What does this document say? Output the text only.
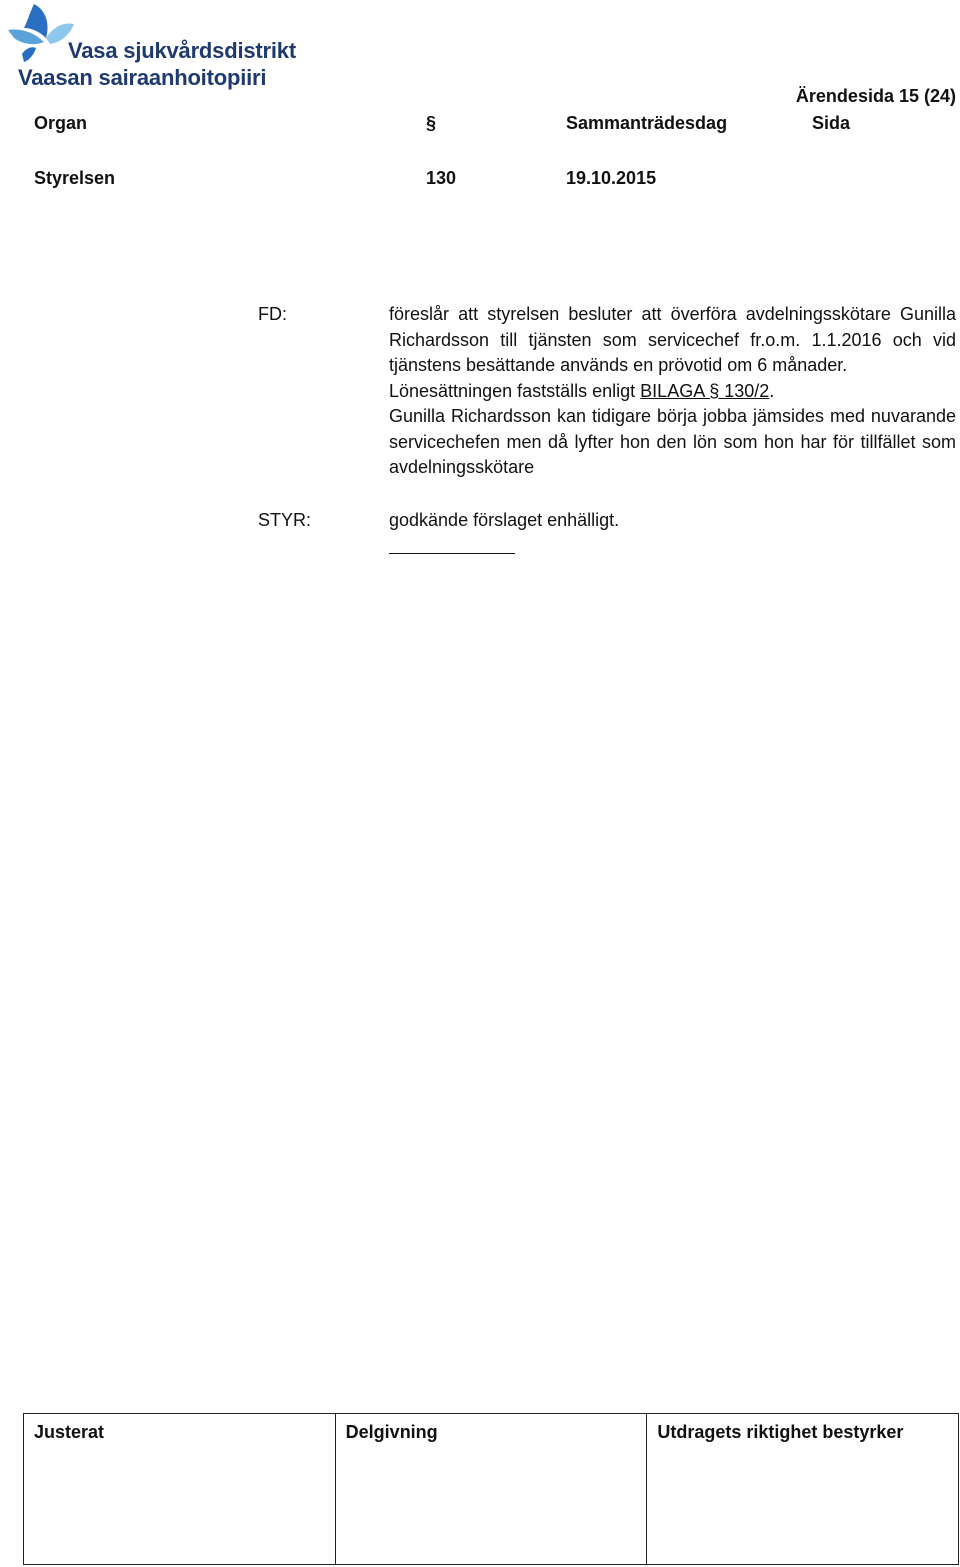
Vasa sjukvårdsdistrikt
Vaasan sairaanhoitopiiri
Ärendesida 15 (24)
Organ	§	Sammanträdesdag	Sida
Styrelsen	130	19.10.2015
FD:	föreslår att styrelsen besluter att överföra avdelningsskötare Gunilla Richardsson till tjänsten som servicechef fr.o.m. 1.1.2016 och vid tjänstens besättande används en prövotid om 6 månader.

Lönesättningen fastställs enligt BILAGA § 130/2.

Gunilla Richardsson kan tidigare börja jobba jämsides med nuvarande servicechefen men då lyfter hon den lön som hon har för tillfället som avdelningsskötare

STYR:	godkände förslaget enhälligt.
Justerat	Delgivning	Utdragets riktighet bestyrker
